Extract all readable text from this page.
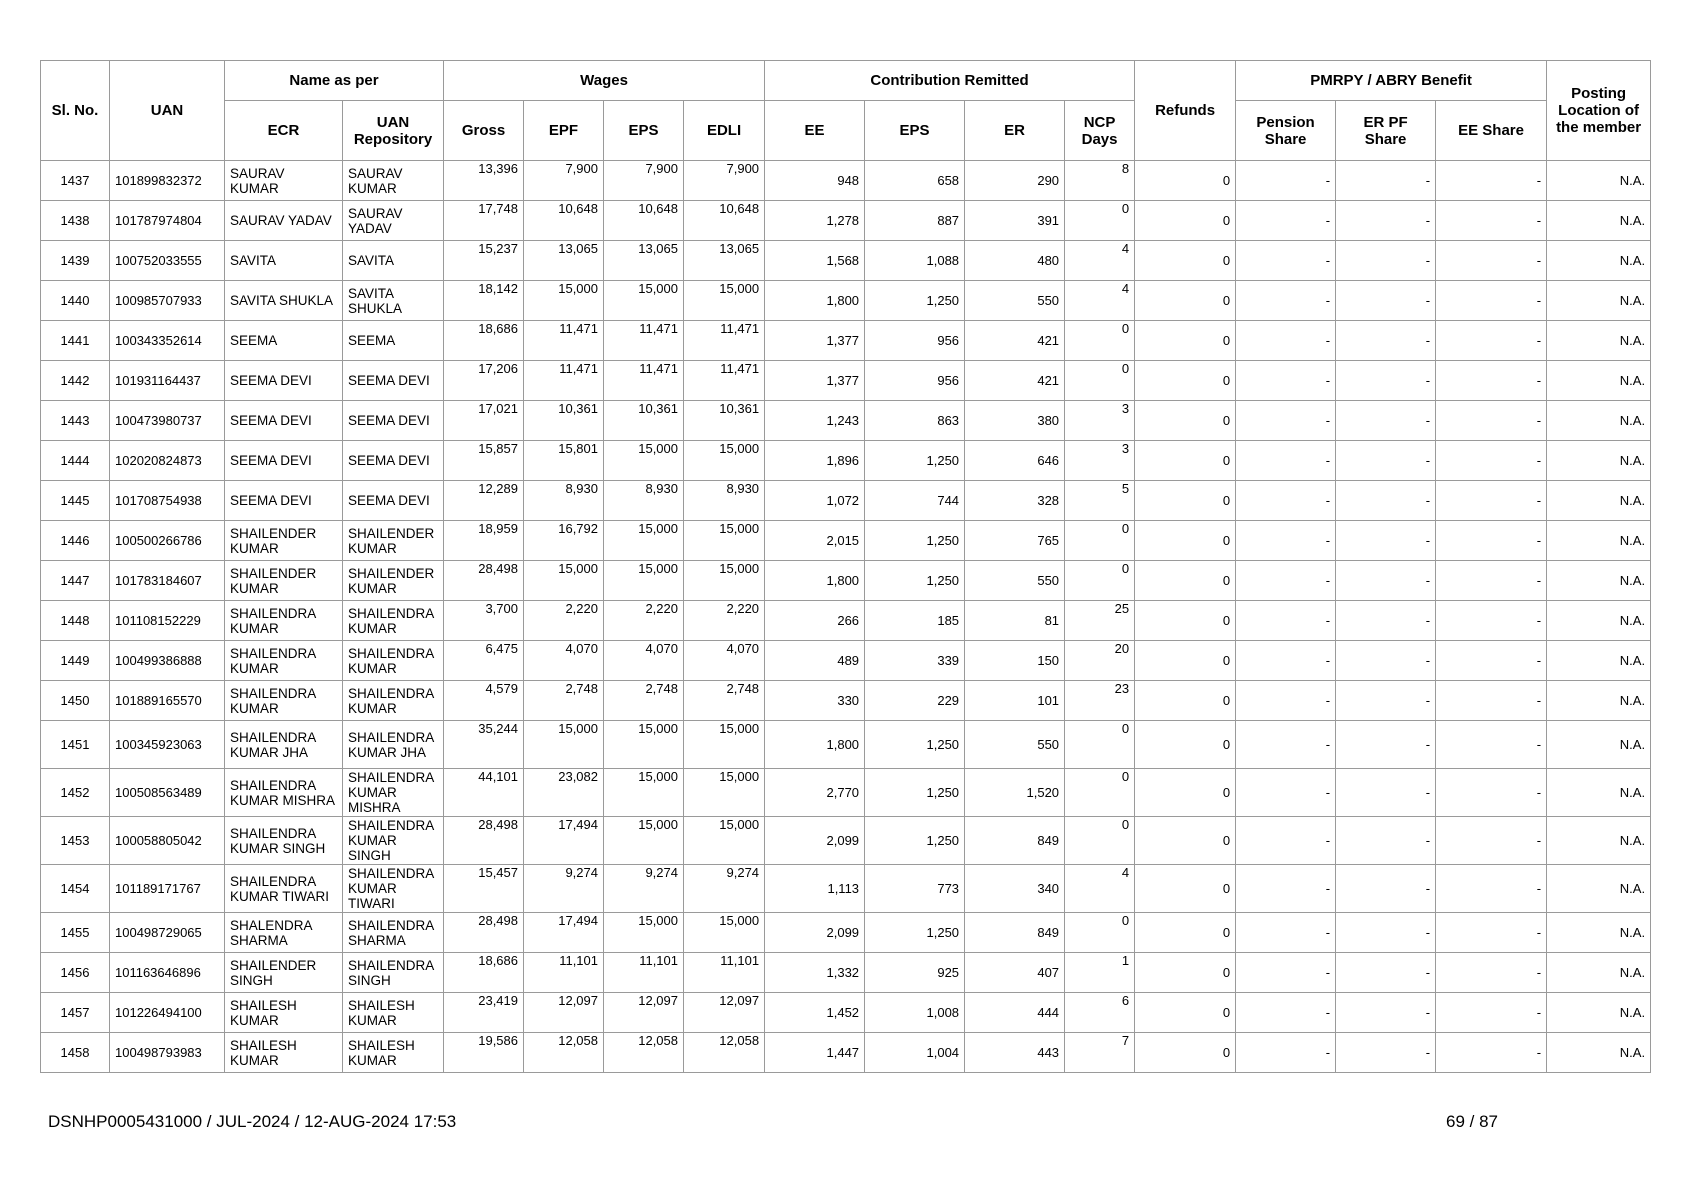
Sl. No.	UAN	Name as per		Wages				Contribution Remitted				Refunds	PMRPY / ABRY Benefit			Posting Location of the member
		ECR	UAN Repository	Gross	EPF	EPS	EDLI	EE	EPS	ER	NCP Days		Pension Share	ER PF Share	EE Share	
1437	101899832372	SAURAV KUMAR	SAURAV KUMAR	13,396	7,900	7,900	7,900	948	658	290	8	0	-	-	-	N.A.
1438	101787974804	SAURAV YADAV	SAURAV YADAV	17,748	10,648	10,648	10,648	1,278	887	391	0	0	-	-	-	N.A.
1439	100752033555	SAVITA	SAVITA	15,237	13,065	13,065	13,065	1,568	1,088	480	4	0	-	-	-	N.A.
1440	100985707933	SAVITA SHUKLA	SAVITA SHUKLA	18,142	15,000	15,000	15,000	1,800	1,250	550	4	0	-	-	-	N.A.
1441	100343352614	SEEMA	SEEMA	18,686	11,471	11,471	11,471	1,377	956	421	0	0	-	-	-	N.A.
1442	101931164437	SEEMA DEVI	SEEMA DEVI	17,206	11,471	11,471	11,471	1,377	956	421	0	0	-	-	-	N.A.
1443	100473980737	SEEMA DEVI	SEEMA DEVI	17,021	10,361	10,361	10,361	1,243	863	380	3	0	-	-	-	N.A.
1444	102020824873	SEEMA DEVI	SEEMA DEVI	15,857	15,801	15,000	15,000	1,896	1,250	646	3	0	-	-	-	N.A.
1445	101708754938	SEEMA DEVI	SEEMA DEVI	12,289	8,930	8,930	8,930	1,072	744	328	5	0	-	-	-	N.A.
1446	100500266786	SHAILENDER KUMAR	SHAILENDER KUMAR	18,959	16,792	15,000	15,000	2,015	1,250	765	0	0	-	-	-	N.A.
1447	101783184607	SHAILENDER KUMAR	SHAILENDER KUMAR	28,498	15,000	15,000	15,000	1,800	1,250	550	0	0	-	-	-	N.A.
1448	101108152229	SHAILENDRA KUMAR	SHAILENDRA KUMAR	3,700	2,220	2,220	2,220	266	185	81	25	0	-	-	-	N.A.
1449	100499386888	SHAILENDRA KUMAR	SHAILENDRA KUMAR	6,475	4,070	4,070	4,070	489	339	150	20	0	-	-	-	N.A.
1450	101889165570	SHAILENDRA KUMAR	SHAILENDRA KUMAR	4,579	2,748	2,748	2,748	330	229	101	23	0	-	-	-	N.A.
1451	100345923063	SHAILENDRA KUMAR JHA	SHAILENDRA KUMAR JHA	35,244	15,000	15,000	15,000	1,800	1,250	550	0	0	-	-	-	N.A.
1452	100508563489	SHAILENDRA KUMAR MISHRA	SHAILENDRA KUMAR MISHRA	44,101	23,082	15,000	15,000	2,770	1,250	1,520	0	0	-	-	-	N.A.
1453	100058805042	SHAILENDRA KUMAR SINGH	SHAILENDRA KUMAR SINGH	28,498	17,494	15,000	15,000	2,099	1,250	849	0	0	-	-	-	N.A.
1454	101189171767	SHAILENDRA KUMAR TIWARI	SHAILENDRA KUMAR TIWARI	15,457	9,274	9,274	9,274	1,113	773	340	4	0	-	-	-	N.A.
1455	100498729065	SHALENDRA SHARMA	SHAILENDRA SHARMA	28,498	17,494	15,000	15,000	2,099	1,250	849	0	0	-	-	-	N.A.
1456	101163646896	SHAILENDER SINGH	SHAILENDRA SINGH	18,686	11,101	11,101	11,101	1,332	925	407	1	0	-	-	-	N.A.
1457	101226494100	SHAILESH KUMAR	SHAILESH KUMAR	23,419	12,097	12,097	12,097	1,452	1,008	444	6	0	-	-	-	N.A.
1458	100498793983	SHAILESH KUMAR	SHAILESH KUMAR	19,586	12,058	12,058	12,058	1,447	1,004	443	7	0	-	-	-	N.A.
DSNHP0005431000 / JUL-2024 / 12-AUG-2024 17:53	69 / 87
